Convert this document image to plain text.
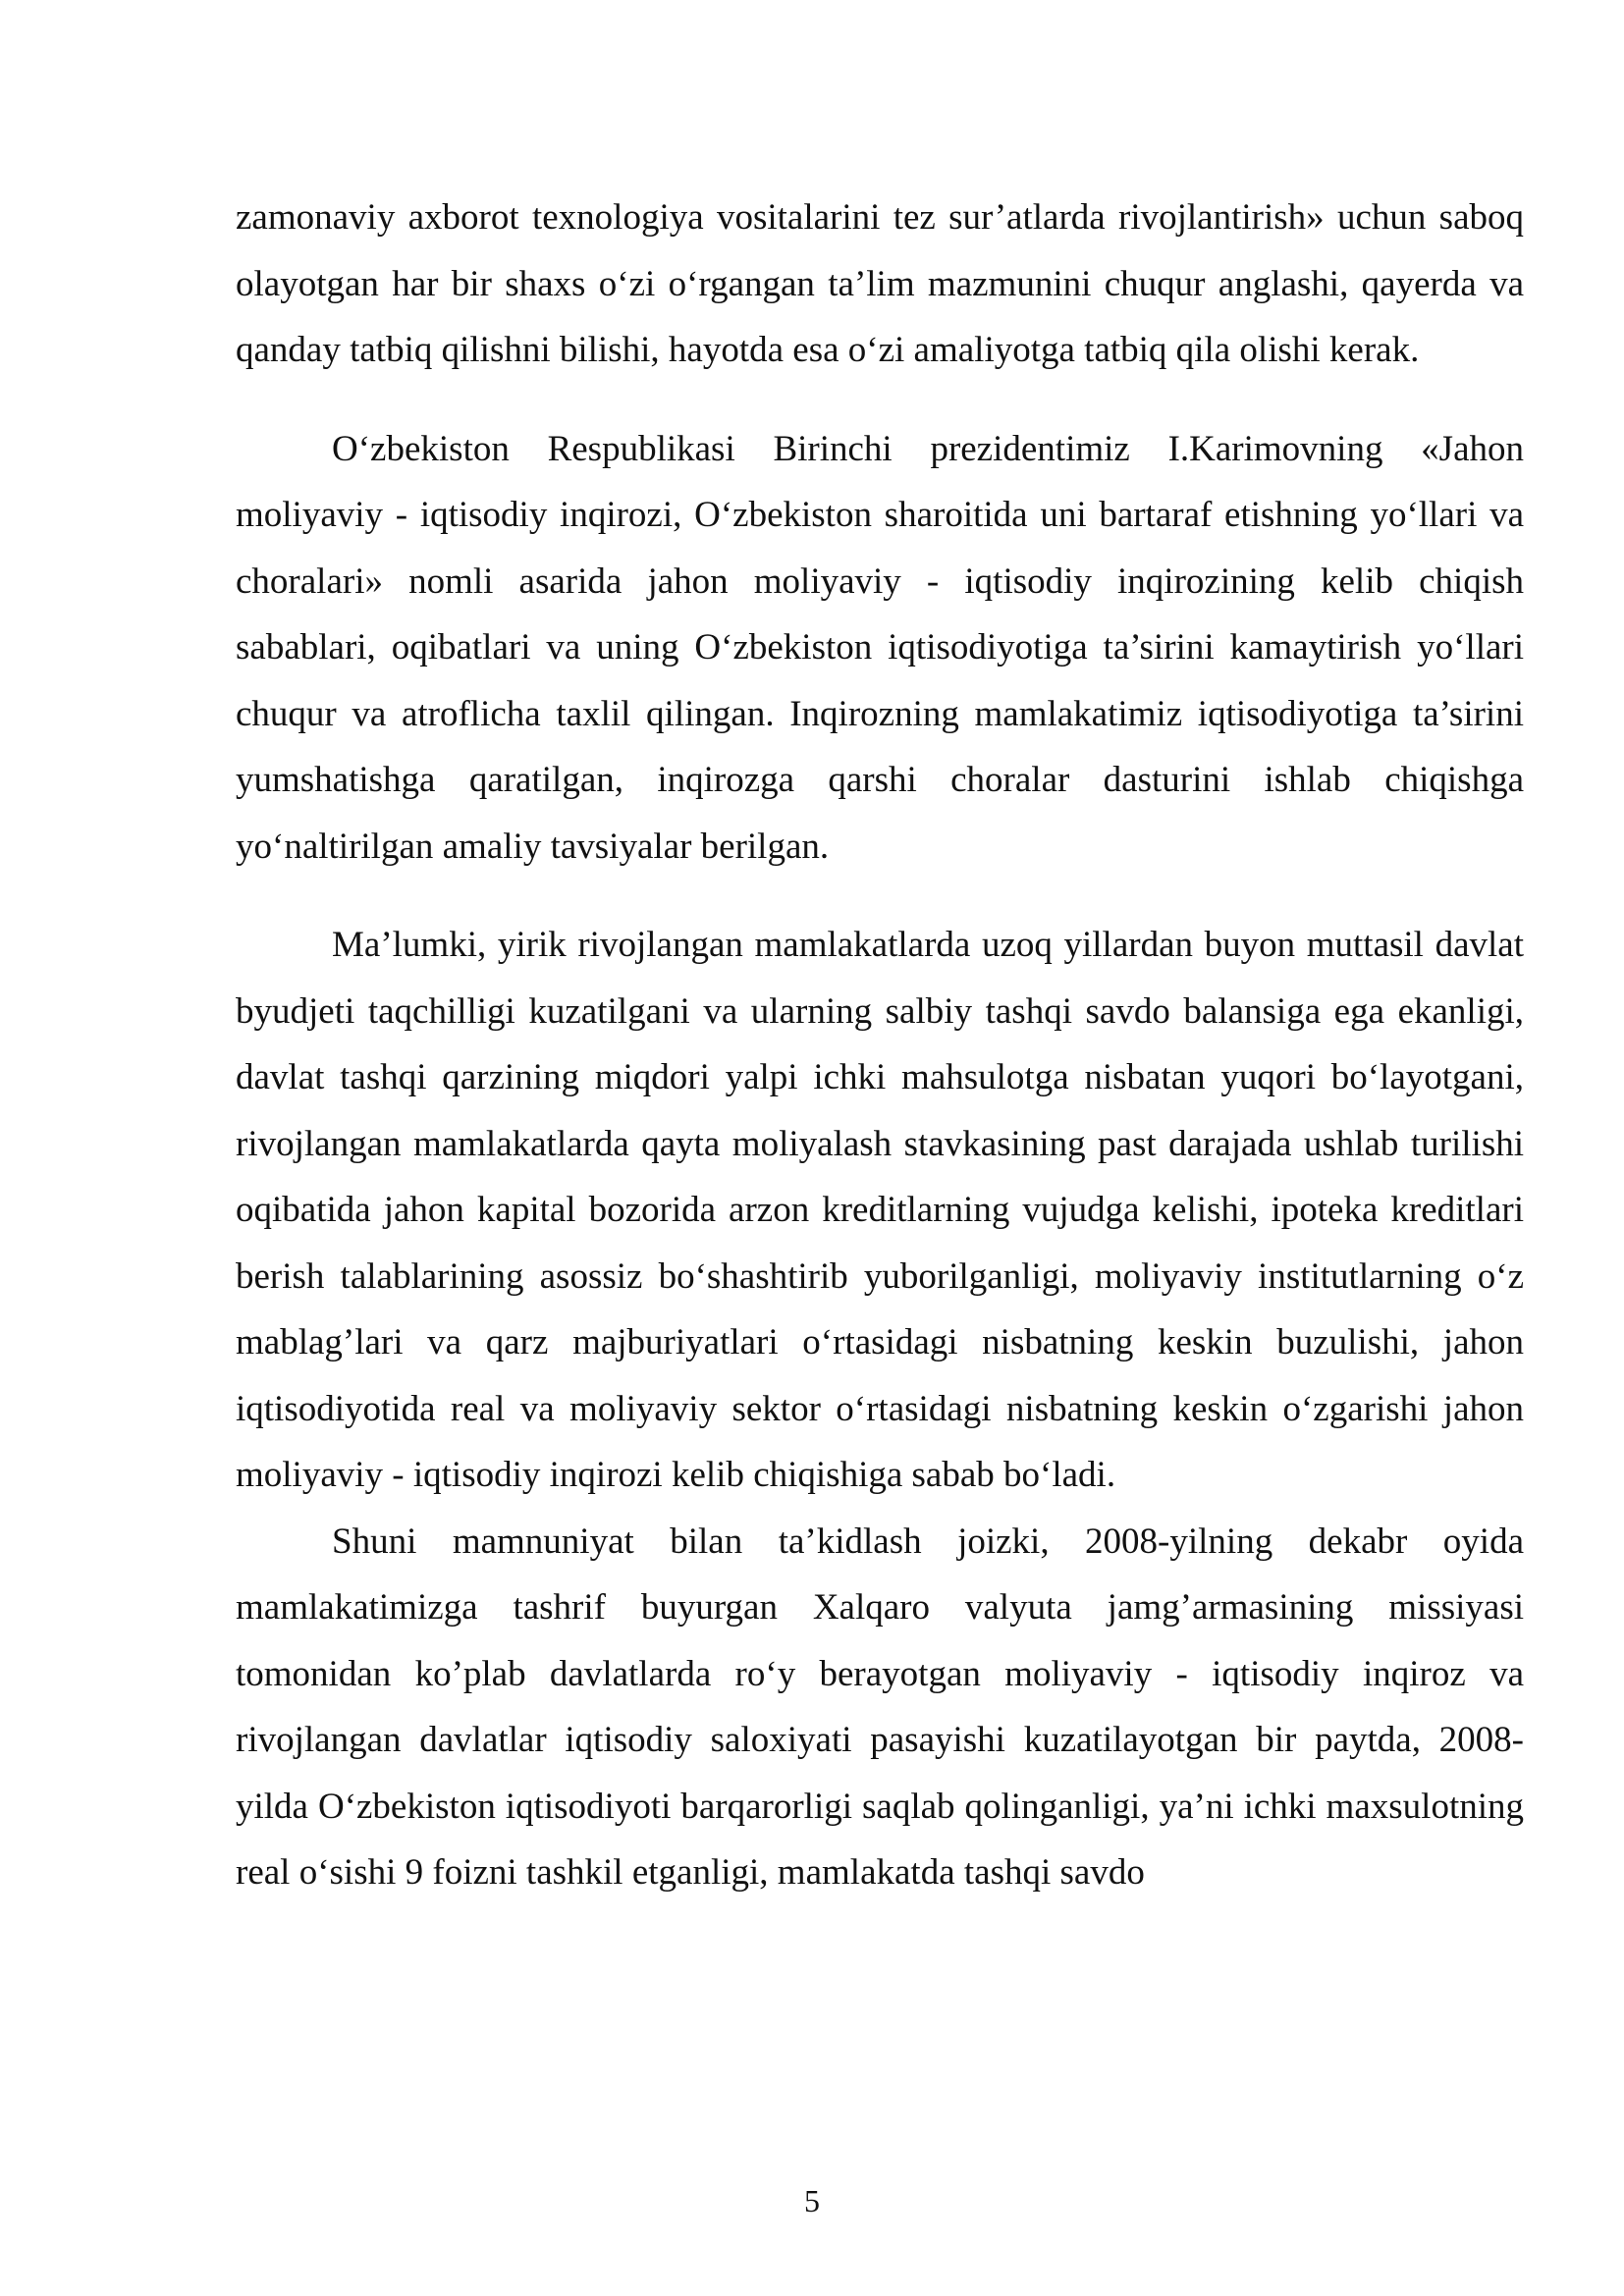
zamonaviy axborot texnologiya vositalarini tez sur’atlarda rivojlantirish» uchun saboq olayotgan har bir shaxs o‘zi o‘rgangan ta’lim mazmunini chuqur anglashi, qayerda va qanday tatbiq qilishni bilishi, hayotda esa o‘zi amaliyotga tatbiq qila olishi kerak.

O‘zbekiston Respublikasi Birinchi prezidentimiz I.Karimovning «Jahon moliyaviy - iqtisodiy inqirozi, O‘zbekiston sharoitida uni bartaraf etishning yo‘llari va choralari» nomli asarida jahon moliyaviy - iqtisodiy inqirozining kelib chiqish sabablari, oqibatlari va uning O‘zbekiston iqtisodiyotiga ta’sirini kamaytirish yo‘llari chuqur va atroflicha taxlil qilingan. Inqirozning mamlakatimiz iqtisodiyotiga ta’sirini yumshatishga qaratilgan, inqirozga qarshi choralar dasturini ishlab chiqishga yo‘naltirilgan amaliy tavsiyalar berilgan.

Ma’lumki, yirik rivojlangan mamlakatlarda uzoq yillardan buyon muttasil davlat byudjeti taqchilligi kuzatilgani va ularning salbiy tashqi savdo balansiga ega ekanligi, davlat tashqi qarzining miqdori yalpi ichki mahsulotga nisbatan yuqori bo‘layotgani, rivojlangan mamlakatlarda qayta moliyalash stavkasining past darajada ushlab turilishi oqibatida jahon kapital bozorida arzon kreditlarning vujudga kelishi, ipoteka kreditlari berish talablarining asossiz bo‘shashtirib yuborilganligi, moliyaviy institutlarning o‘z mablag’lari va qarz majburiyatlari o‘rtasidagi nisbatning keskin buzulishi, jahon iqtisodiyotida real va moliyaviy sektor o‘rtasidagi nisbatning keskin o‘zgarishi jahon moliyaviy - iqtisodiy inqirozi kelib chiqishiga sabab bo‘ladi.

Shuni mamnuniyat bilan ta’kidlash joizki, 2008-yilning dekabr oyida mamlakatimizga tashrif buyurgan Xalqaro valyuta jamg’armasining missiyasi tomonidan ko’plab davlatlarda ro‘y berayotgan moliyaviy - iqtisodiy inqiroz va rivojlangan davlatlar iqtisodiy saloxiyati pasayishi kuzatilayotgan bir paytda, 2008- yilda O‘zbekiston iqtisodiyoti barqarorligi saqlab qolinganligi, ya’ni ichki maxsulotning real o‘sishi 9 foizni tashkil etganligi, mamlakatda tashqi savdo

5
